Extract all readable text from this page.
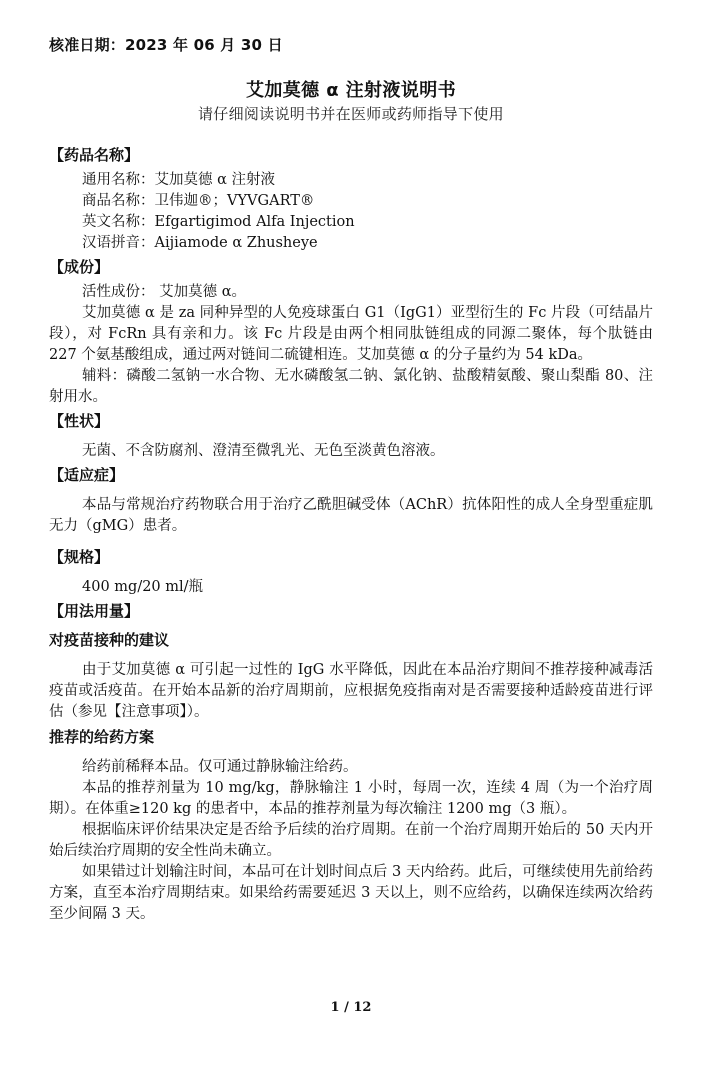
核准日期：2023 年 06 月 30 日
艾加莫德 α 注射液说明书
请仔细阅读说明书并在医师或药师指导下使用
【药品名称】
通用名称：艾加莫德 α 注射液
商品名称：卫伟迦®；VYVGART®
英文名称：Efgartigimod Alfa Injection
汉语拼音：Aijiamode α Zhusheye
【成份】
活性成份： 艾加莫德 α。
艾加莫德 α 是 za 同种异型的人免疫球蛋白 G1（IgG1）亚型衍生的 Fc 片段（可结晶片段），对 FcRn 具有亲和力。该 Fc 片段是由两个相同肽链组成的同源二聚体，每个肽链由 227 个氨基酸组成，通过两对链间二硫键相连。艾加莫德 α 的分子量约为 54 kDa。
辅料：磷酸二氢钠一水合物、无水磷酸氢二钠、氯化钠、盐酸精氨酸、聚山梨酯 80、注射用水。
【性状】
无菌、不含防腐剂、澄清至微乳光、无色至淡黄色溶液。
【适应症】
本品与常规治疗药物联合用于治疗乙酰胆碱受体（AChR）抗体阳性的成人全身型重症肌无力（gMG）患者。
【规格】
400 mg/20 ml/瓶
【用法用量】
对疫苗接种的建议
由于艾加莫德 α 可引起一过性的 IgG 水平降低，因此在本品治疗期间不推荐接种减毒活疫苗或活疫苗。在开始本品新的治疗周期前，应根据免疫指南对是否需要接种适龄疫苗进行评估（参见【注意事项】）。
推荐的给药方案
给药前稀释本品。仅可通过静脉输注给药。
本品的推荐剂量为 10 mg/kg，静脉输注 1 小时，每周一次，连续 4 周（为一个治疗周期）。在体重≥120 kg 的患者中，本品的推荐剂量为每次输注 1200 mg（3 瓶）。
根据临床评价结果决定是否给予后续的治疗周期。在前一个治疗周期开始后的 50 天内开始后续治疗周期的安全性尚未确立。
如果错过计划输注时间，本品可在计划时间点后 3 天内给药。此后，可继续使用先前给药方案，直至本治疗周期结束。如果给药需要延迟 3 天以上，则不应给药，以确保连续两次给药至少间隔 3 天。
1 / 12
